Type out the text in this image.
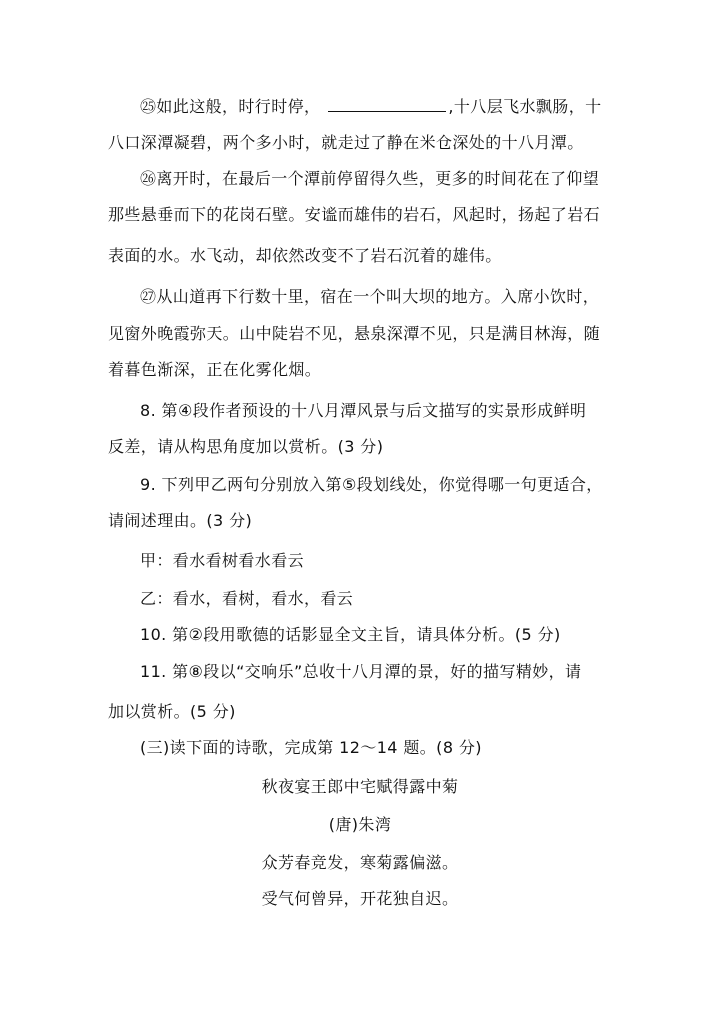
㉕如此这般，时行时停，	,十八层飞水飘肠，十
八口深潭凝碧，两个多小时，就走过了静在米仓深处的十八月潭。
㉖离开时，在最后一个潭前停留得久些，更多的时间花在了仰望
那些悬垂而下的花岗石壁。安谧而雄伟的岩石，风起时，扬起了岩石
表面的水。水飞动，却依然改变不了岩石沉着的雄伟。
㉗从山道再下行数十里，宿在一个叫大坝的地方。入席小饮时，
见窗外晚霞弥天。山中陡岩不见，悬泉深潭不见，只是满目林海，随
着暮色渐深，正在化雾化烟。
8. 第④段作者预设的十八月潭风景与后文描写的实景形成鲜明
反差，请从构思角度加以赏析。(3 分)
9. 下列甲乙两句分别放入第⑤段划线处，你觉得哪一句更适合，
请闹述理由。(3 分)
甲：看水看树看水看云
乙：看水，看树，看水，看云
10. 第②段用歌德的话影显全文主旨，请具体分析。(5 分)
11. 第⑧段以“交响乐”总收十八月潭的景，好的描写精妙，请
加以赏析。(5 分)
(三)读下面的诗歌，完成第 12～14 题。(8 分)
秋夜宴王郎中宅赋得露中菊
(唐)朱湾
众芳春竞发，寒菊露偏滋。
受气何曾异，开花独自迟。
